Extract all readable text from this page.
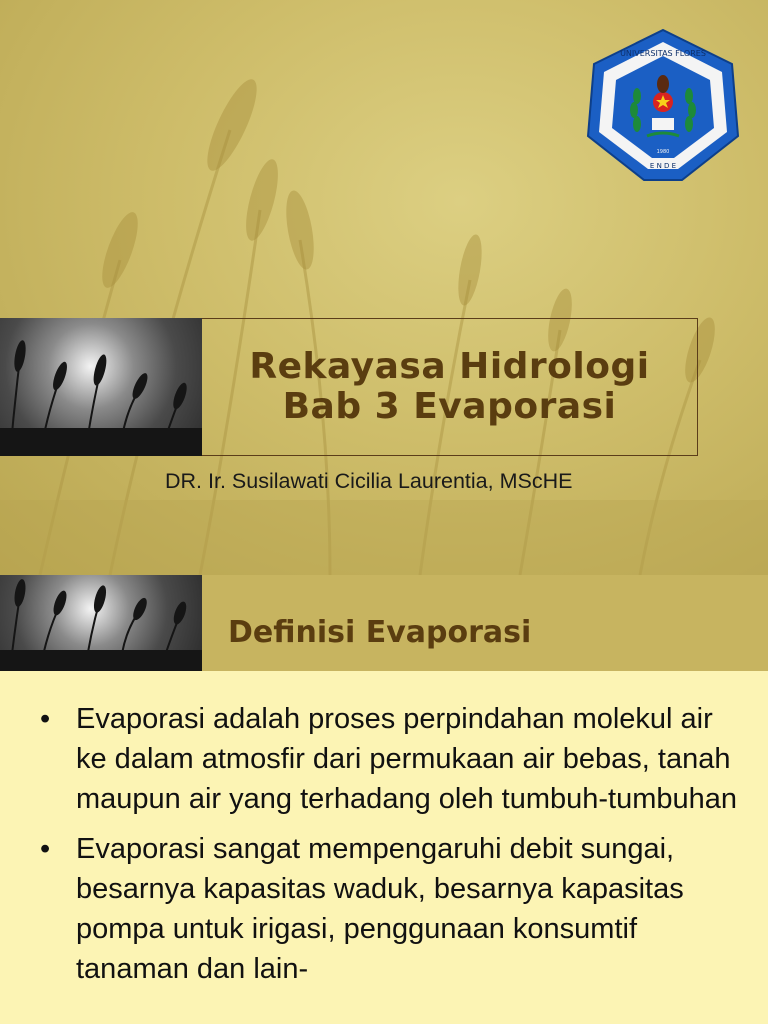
UNIVERSITAS FLORES
1980
E N D E
Rekayasa Hidrologi
Bab 3 Evaporasi
DR. Ir. Susilawati Cicilia Laurentia, MScHE
Definisi Evaporasi
• Evaporasi adalah proses perpindahan molekul air ke dalam atmosfir dari permukaan air bebas, tanah maupun air yang terhadang oleh tumbuh-tumbuhan
• Evaporasi sangat mempengaruhi debit sungai, besarnya kapasitas waduk, besarnya kapasitas pompa untuk irigasi, penggunaan konsumtif tanaman dan lain-
